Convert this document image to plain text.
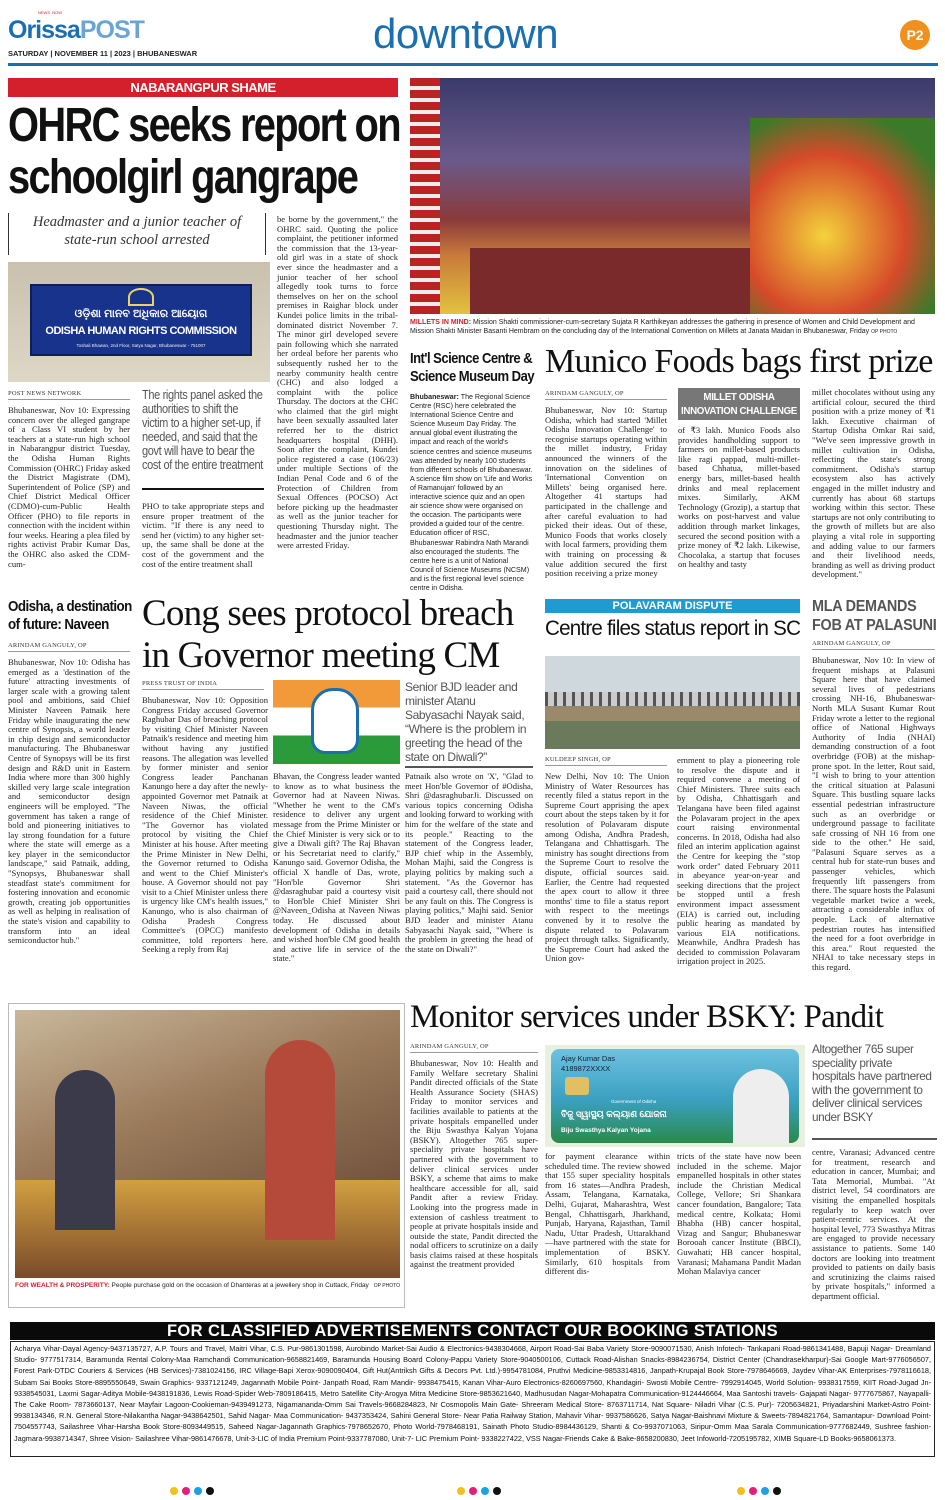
OrissaPOST
NEWS. NOW
SATURDAY | NOVEMBER 11 | 2023 | BHUBANESWAR	downtown	P2
NABARANGPUR SHAME
OHRC seeks report on schoolgirl gangrape
Headmaster and a junior teacher of state-run school arrested
ଓଡ଼ିଶା ମାନବ ଅଧିକାର ଆୟୋଗ
ODISHA HUMAN RIGHTS COMMISSION
Toshali Bhawan, 2nd Floor, Satya Nagar, Bhubaneswar - 751007
POST NEWS NETWORK
Bhubaneswar, Nov 10: Expressing concern over the alleged gangrape of a Class VI student by her teachers at a state-run high school in Nabarangpur district Tuesday, the Odisha Human Rights Commission (OHRC) Friday asked the District Magistrate (DM), Superintendent of Police (SP) and Chief District Medical Officer (CDMO)-cum-Public Health Officer (PHO) to file reports in connection with the incident within four weeks. Hearing a plea filed by rights activist Prabir Kumar Das, the OHRC also asked the CDM-cum-
The rights panel asked the authorities to shift the victim to a higher set-up, if needed, and said that the govt will have to bear the cost of the entire treatment
PHO to take appropriate steps and ensure proper treatment of the victim. "If there is any need to send her (victim) to any higher set-up, the same shall be done at the cost of the government and the cost of the entire treatment shall
be borne by the government," the OHRC said. Quoting the police complaint, the petitioner informed the commission that the 13-year-old girl was in a state of shock ever since the headmaster and a junior teacher of her school allegedly took turns to force themselves on her on the school premises in Raighar block under Kundei police limits in the tribal-dominated district November 7. The minor girl developed severe pain following which she narrated her ordeal before her parents who subsequently rushed her to the nearby community health centre (CHC) and also lodged a complaint with the police Thursday. The doctors at the CHC who claimed that the girl might have been sexually assaulted later referred her to the district headquarters hospital (DHH). Soon after the complaint, Kundei police registered a case (106/23) under multiple Sections of the Indian Penal Code and 6 of the Protection of Children from Sexual Offences (POCSO) Act before picking up the headmaster as well as the junior teacher for questioning Thursday night. The headmaster and the junior teacher were arrested Friday.
MILLETS IN MIND: Mission Shakti commissioner-cum-secretary Sujata R Karthikeyan addresses the gathering in presence of Women and Child Development and Mission Shakti Minister Basanti Hembram on the concluding day of the International Convention on Millets at Janata Maidan in Bhubaneswar, Friday OP PHOTO
Int'l Science Centre & Science Museum Day
Bhubaneswar: The Regional Science Centre (RSC) here celebrated the International Science Centre and Science Museum Day Friday. The annual global event illustrating the impact and reach of the world's science centres and science museums was attended by nearly 100 students from different schools of Bhubaneswar. A science film show on 'Life and Works of Ramanujan' followed by an interactive science quiz and an open air science show were organised on the occasion. The participants were provided a guided tour of the centre. Education officer of RSC, Bhubaneswar Rabindra Nath Marandi also encouraged the students. The centre here is a unit of National Council of Science Museums (NCSM) and is the first regional level science centre in Odisha.
Munico Foods bags first prize
ARINDAM GANGULY, OP
Bhubaneswar, Nov 10: Startup Odisha, which had started 'Millet Odisha Innovation Challenge' to recognise startups operating within the millet industry, Friday announced the winners of the innovation on the sidelines of 'International Convention on Millets' being organised here. Altogether 41 startups had participated in the challenge and after careful evaluation to had picked their ideas. Out of these, Munico Foods that works closely with local farmers, providing them with training on processing & value addition secured the first position receiving a prize money
MILLET ODISHA INNOVATION CHALLENGE
of ₹3 lakh. Munico Foods also provides handholding support to farmers on millet-based products like ragi pappad, multi-millet-based Chhatua, millet-based energy bars, millet-based health drinks and meal replacement mixes. Similarly, AKM Technology (Grozip), a startup that works on post-harvest and value addition through market linkages, secured the second position with a prize money of ₹2 lakh. Likewise, Chocolaka, a startup that focuses on healthy and tasty
millet chocolates without using any artificial colour, secured the third position with a prize money of ₹1 lakh. Executive chairman of Startup Odisha Omkar Rai said, "We've seen impressive growth in millet cultivation in Odisha, reflecting the state's strong commitment. Odisha's startup ecosystem also has actively engaged in the millet industry and currently has about 68 startups working within this sector. These startups are not only contributing to the growth of millets but are also playing a vital role in supporting and adding value to our farmers and their livelihood needs, branding as well as driving product development."
Odisha, a destination of future: Naveen
ARINDAM GANGULY, OP
Bhubaneswar, Nov 10: Odisha has emerged as a 'destination of the future' attracting investments of larger scale with a growing talent pool and ambitions, said Chief Minister Naveen Patnaik here Friday while inaugurating the new centre of Synopsis, a world leader in chip design and semiconductor manufacturing. The Bhubaneswar Centre of Synopsys will be its first design and R&D unit in Eastern India where more than 300 highly skilled very large scale integration and semiconductor design engineers will be employed. "The government has taken a range of bold and pioneering initiatives to lay strong foundation for a future where the state will emerge as a key player in the semiconductor landscape," said Patnaik, adding, "Synopsys, Bhubaneswar shall steadfast state's commitment for fostering innovation and economic growth, creating job opportunities as well as helping in realisation of the state's vision and capability to transform into an ideal semiconductor hub."
Cong sees protocol breach in Governor meeting CM
PRESS TRUST OF INDIA
Bhubaneswar, Nov 10: Opposition Congress Friday accused Governor Raghubar Das of breaching protocol by visiting Chief Minister Naveen Patnaik's residence and meeting him without having any justified reasons. The allegation was levelled by former minister and senior Congress leader Panchanan Kanungo here a day after the newly-appointed Governor met Patnaik at Naveen Niwas, the official residence of the Chief Minister. "The Governor has violated protocol by visiting the Chief Minister at his house. After meeting the Prime Minister in New Delhi, the Governor returned to Odisha and went to the Chief Minister's house. A Governor should not pay visit to a Chief Minister unless there is urgency like CM's health issues," Kanungo, who is also chairman of Odisha Pradesh Congress Committee's (OPCC) manifesto committee, told reporters here. Seeking a reply from Raj
Senior BJD leader and minister Atanu Sabyasachi Nayak said, “Where is the problem in greeting the head of the state on Diwali?”
Bhavan, the Congress leader wanted to know as to what business the Governor had at Naveen Niwas. "Whether he went to the CM's residence to deliver any urgent message from the Prime Minister or the Chief Minister is very sick or to give a Diwali gift? The Raj Bhavan or his Secretariat need to clarify," Kanungo said. Governor Odisha, the official X handle of Das, wrote, "Hon'ble Governor Shri @dasraghubar paid a courtesy visit to Hon'ble Chief Minister Shri @Naveen_Odisha at Naveen Niwas today. He discussed about development of Odisha in details and wished hon'ble CM good health and active life in service of the state."
Patnaik also wrote on 'X', "Glad to meet Hon'ble Governor of #Odisha, Shri @dasraghubarJi. Discussed on various topics concerning Odisha and looking forward to working with him for the welfare of the state and its people." Reacting to the statement of the Congress leader, BJP chief whip in the Assembly, Mohan Majhi, said the Congress is playing politics by making such a statement. "As the Governor has paid a courtesy call, there should not be any fault on this. The Congress is playing politics," Majhi said. Senior BJD leader and minister Atanu Sabyasachi Nayak said, "Where is the problem in greeting the head of the state on Diwali?"
POLAVARAM DISPUTE
Centre files status report in SC
KULDEEP SINGH, OP
New Delhi, Nov 10: The Union Ministry of Water Resources has recently filed a status report in the Supreme Court apprising the apex court about the steps taken by it for resolution of Polavaram dispute among Odisha, Andhra Pradesh, Telangana and Chhattisgarh. The ministry has sought directions from the Supreme Court to resolve the dispute, official sources said. Earlier, the Centre had requested the apex court to allow it three months' time to file a status report with respect to the meetings convened by it to resolve the dispute related to Polavaram project through talks. Significantly, the Supreme Court had asked the Union gov-
ernment to play a pioneering role to resolve the dispute and it required convene a meeting of Chief Ministers. Three suits each by Odisha, Chhattisgarh and Telangana have been filed against the Polavaram project in the apex court raising environmental concerns. In 2018, Odisha had also filed an interim application against the Centre for keeping the "stop work order" dated February 2011 in abeyance year-on-year and seeking directions that the project be stopped until a fresh environment impact assessment (EIA) is carried out, including public hearing as mandated by various EIA notifications. Meanwhile, Andhra Pradesh has decided to commission Polavaram irrigation project in 2025.
MLA DEMANDS FOB AT PALASUNI
ARINDAM GANGULY, OP
Bhubaneswar, Nov 10: In view of frequent mishaps at Palasuni Square here that have claimed several lives of pedestrians crossing NH-16, Bhubaneswar-North MLA Susant Kumar Rout Friday wrote a letter to the regional office of National Highways Authority of India (NHAI) demanding construction of a foot overbridge (FOB) at the mishap-prone spot. In the letter, Rout said, "I wish to bring to your attention the critical situation at Palasuni Square. This bustling square lacks essential pedestrian infrastructure such as an overbridge or underground passage to facilitate safe crossing of NH 16 from one side to the other." He said, "Palasuni Square serves as a central hub for state-run buses and passenger vehicles, which frequently lift passengers from there. The square hosts the Palasuni vegetable market twice a week, attracting a considerable influx of people. Lack of alternative pedestrian routes has intensified the need for a foot overbridge in this area." Rout requested the NHAI to take necessary steps in this regard.
FOR WEALTH & PROSPERITY: People purchase gold on the occasion of Dhanteras at a jewellery shop in Cuttack, Friday OP PHOTO
Monitor services under BSKY: Pandit
ARINDAM GANGULY, OP
Bhubaneswar, Nov 10: Health and Family Welfare secretary Shalini Pandit directed officials of the State Health Assurance Society (SHAS) Friday to monitor services and facilities available to patients at the private hospitals empanelled under the Biju Swasthya Kalyan Yojana (BSKY). Altogether 765 super-speciality private hospitals have partnered with the government to deliver clinical services under BSKY, a scheme that aims to make healthcare accessible for all, said Pandit after a review Friday. Looking into the progress made in extension of cashless treatment to people at private hospitals inside and outside the state, Pandit directed the nodal officers to scrutinize on a daily basis claims raised at these hospitals against the treatment provided
Ajay Kumar Das
4189872XXXX
Government of Odisha
ବିଜୁ ସ୍ୱାସ୍ଥ୍ୟ କଲ୍ୟାଣ ଯୋଜନା
Biju Swasthya Kalyan Yojana
Altogether 765 super speciality private hospitals have partnered with the government to deliver clinical services under BSKY
for payment clearance within scheduled time. The review showed that 155 super speciality hospitals from 16 states—Andhra Pradesh, Assam, Telangana, Karnataka, Delhi, Gujarat, Maharashtra, West Bengal, Chhattisgarh, Jharkhand, Punjab, Haryana, Rajasthan, Tamil Nadu, Uttar Pradesh, Uttarakhand—have partnered with the state for implementation of BSKY. Similarly, 610 hospitals from different dis-
tricts of the state have now been included in the scheme. Major empanelled hospitals in other states include the Christian Medical College, Vellore; Sri Shankara cancer foundation, Bangalore; Tata medical centre, Kolkata; Homi Bhabha (HB) cancer hospital, Vizag and Sangur; Bhubaneswar Borooah cancer Institute (BBCI), Guwahati; HB cancer hospital, Varanasi; Mahamana Pandit Madan Mohan Malaviya cancer
centre, Varanasi; Advanced centre for treatment, research and education in cancer, Mumbai; and Tata Memorial, Mumbai. "At district level, 54 coordinators are visiting the empanelled hospitals regularly to keep watch over patient-centric services. At the hospital level, 773 Swasthya Mitras are engaged to provide necessary assistance to patients. Some 140 doctors are looking into treatment provided to patients on daily basis and scrutinizing the claims raised by private hospitals," informed a department official.
FOR CLASSIFIED ADVERTISEMENTS CONTACT OUR BOOKING STATIONS
Acharya Vihar-Dayal Agency-9437135727, A.P. Tours and Travel, Maitri Vihar, C.S. Pur-9861301598, Aurobindo Market-Sai Audio & Electronics-9438304668, Airport Road-Sai Baba Variety Store-9090071530, Anish Infotech- Tankapani Road-9861341488, Bapuji Nagar- Dreamland Studio- 9777517314, Baramunda Rental Colony-Maa Ramchandi Communication-9658821469, Baramunda Housing Board Colony-Pappu Variety Store-9040500106, Cuttack Road-Alishan Snacks-8984236754, District Center (Chandrasekharpur)-Sai Google Mart-9776056507, Forest Park-DTDC Couriers & Services (HB Services)-7381024156, IRC Village-Bapi Xerox-9090090404, Gift Hut(Antriksh Gifts & Decors Pvt. Ltd.)-9954781084, Pruthvi Medicine-9853314816, Janpath-Krupajal Book Store-7978646669, Jaydev Vihar-AK Enterprises-7978116618, Subam Sai Books Store-8895550649, Swain Graphics- 9337121249, Jagannath Mobile Point- Janpath Road, Ram Mandir- 9938475415, Kanan Vihar-Auro Electronics-8260697560, Khandagiri- Swosti Mobile Centre- 7992914045, World Solution- 9938317559, KIIT Road-Jugad Jn-9338545031, Laxmi Sagar-Aditya Mobile-9438191836, Lewis Road-Spider Web-7809186415, Metro Satellite City-Arogya Mitra Medicine Store-9853621640, Madhusudan Nagar-Mohapatra Communication-9124446664, Maa Santoshi travels- Gajapati Nagar- 9777675867, Nayapalli- The Cake Room- 7873660137, Near Mayfair Lagoon-Cookieman-9439491273, Nigamananda-Omm Sai Travels-9668284823, Nr Cosmopolis Main Gate- Shreeram Medical Store- 8763711714, Nat Square- Niladri Vihar (C.S. Pur)- 7205634821, Priyadarshini Market-Astro Point-9938134346, R.N. General Store-Nilakantha Nagar-9438642501, Sahid Nagar- Maa Communication- 9437353424, Sahini General Store- Near Patia Railway Station, Mahavir Vihar- 9937586626, Satya Nagar-Baishnavi Mixture & Sweets-7894821764, Samantapur- Download Point-7504557743, Sailashree Vihar-Harsha Book Store-8093449515, Saheed Nagar-Jagannath Graphics-7978652670, Photo World-7978468191, Sainath Photo Studio-8984436129, Shanti & Co-9937071063, Siripur-Omm Maa Sarala Communication-9777682449, Sushree fashion- Jagmara-9938714347, Shree Vision- Sailashree Vihar-9861476678, Unit-3-LIC of India Premium Point-9337787080, Unit-7- LIC Premium Point- 9338227422, VSS Nagar-Friends Cake & Bake-8658200830, Jeet Infoworld-7205195782, XIMB Square-LD Books-9658061373.
